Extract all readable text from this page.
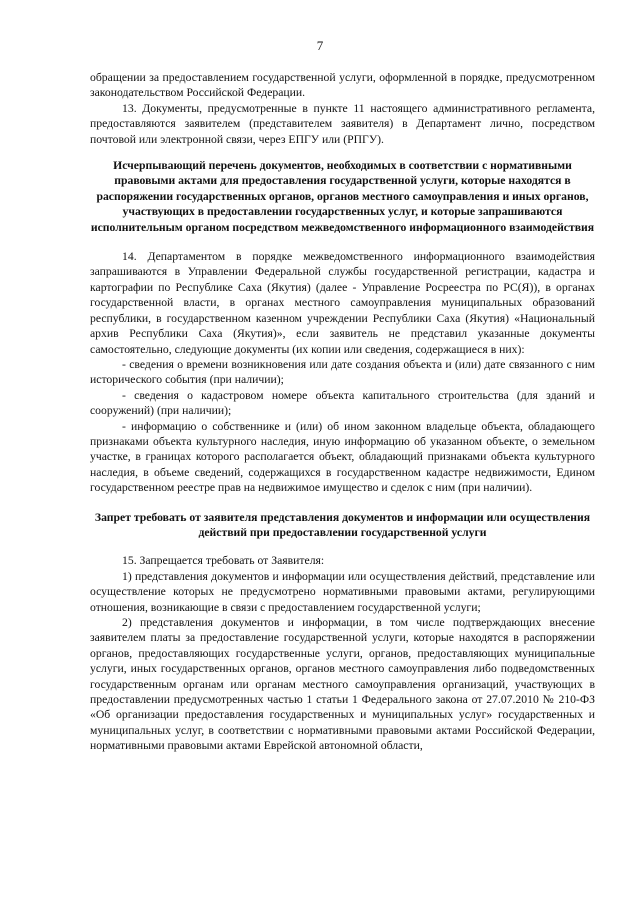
7

обращении за предоставлением государственной услуги, оформленной в порядке, предусмотренном законодательством Российской Федерации.

13. Документы, предусмотренные в пункте 11 настоящего административного регламента, предоставляются заявителем (представителем заявителя) в Департамент лично, посредством почтовой или электронной связи, через ЕПГУ или (РПГУ).

Исчерпывающий перечень документов, необходимых в соответствии с нормативными правовыми актами для предоставления государственной услуги, которые находятся в распоряжении государственных органов, органов местного самоуправления и иных органов, участвующих в предоставлении государственных услуг, и которые запрашиваются исполнительным органом посредством межведомственного информационного взаимодействия

14. Департаментом в порядке межведомственного информационного взаимодействия запрашиваются в Управлении Федеральной службы государственной регистрации, кадастра и картографии по Республике Саха (Якутия) (далее - Управление Росреестра по РС(Я)), в органах государственной власти, в органах местного самоуправления муниципальных образований республики, в государственном казенном учреждении Республики Саха (Якутия) «Национальный архив Республики Саха (Якутия)», если заявитель не представил указанные документы самостоятельно, следующие документы (их копии или сведения, содержащиеся в них):

- сведения о времени возникновения или дате создания объекта и (или) дате связанного с ним исторического события (при наличии);

- сведения о кадастровом номере объекта капитального строительства (для зданий и сооружений) (при наличии);

- информацию о собственнике и (или) об ином законном владельце объекта, обладающего признаками объекта культурного наследия, иную информацию об указанном объекте, о земельном участке, в границах которого располагается объект, обладающий признаками объекта культурного наследия, в объеме сведений, содержащихся в государственном кадастре недвижимости, Едином государственном реестре прав на недвижимое имущество и сделок с ним (при наличии).

Запрет требовать от заявителя представления документов и информации или осуществления действий при предоставлении государственной услуги

15. Запрещается требовать от Заявителя:

1) представления документов и информации или осуществления действий, представление или осуществление которых не предусмотрено нормативными правовыми актами, регулирующими отношения, возникающие в связи с предоставлением государственной услуги;

2) представления документов и информации, в том числе подтверждающих внесение заявителем платы за предоставление государственной услуги, которые находятся в распоряжении органов, предоставляющих государственные услуги, органов, предоставляющих муниципальные услуги, иных государственных органов, органов местного самоуправления либо подведомственных государственным органам или органам местного самоуправления организаций, участвующих в предоставлении предусмотренных частью 1 статьи 1 Федерального закона от 27.07.2010 № 210-ФЗ «Об организации предоставления государственных и муниципальных услуг» государственных и муниципальных услуг, в соответствии с нормативными правовыми актами Российской Федерации, нормативными правовыми актами Еврейской автономной области,
